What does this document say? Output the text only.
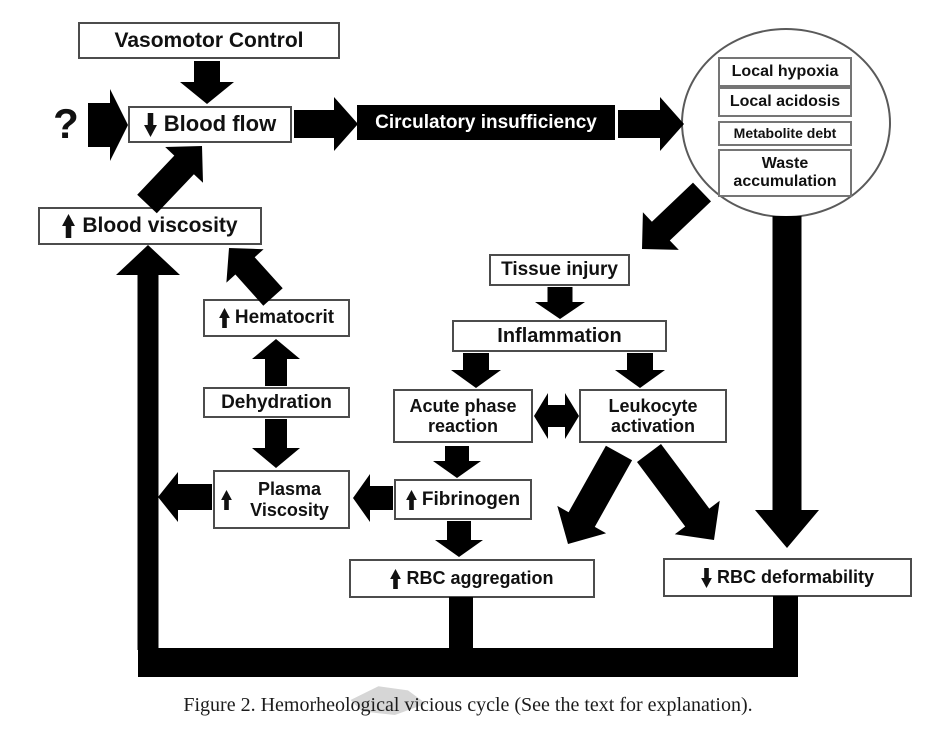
?
Vasomotor Control
Blood flow	Circulatory insufficiency
Local hypoxia
Local acidosis
Metabolite debt
Waste accumulation
Blood viscosity
Hematocrit
Dehydration
Plasma Viscosity
Tissue injury
Inflammation
Acute phase reaction
Leukocyte activation
Fibrinogen
RBC aggregation	RBC deformability
Figure 2. Hemorheological vicious cycle (See the text for explanation).
